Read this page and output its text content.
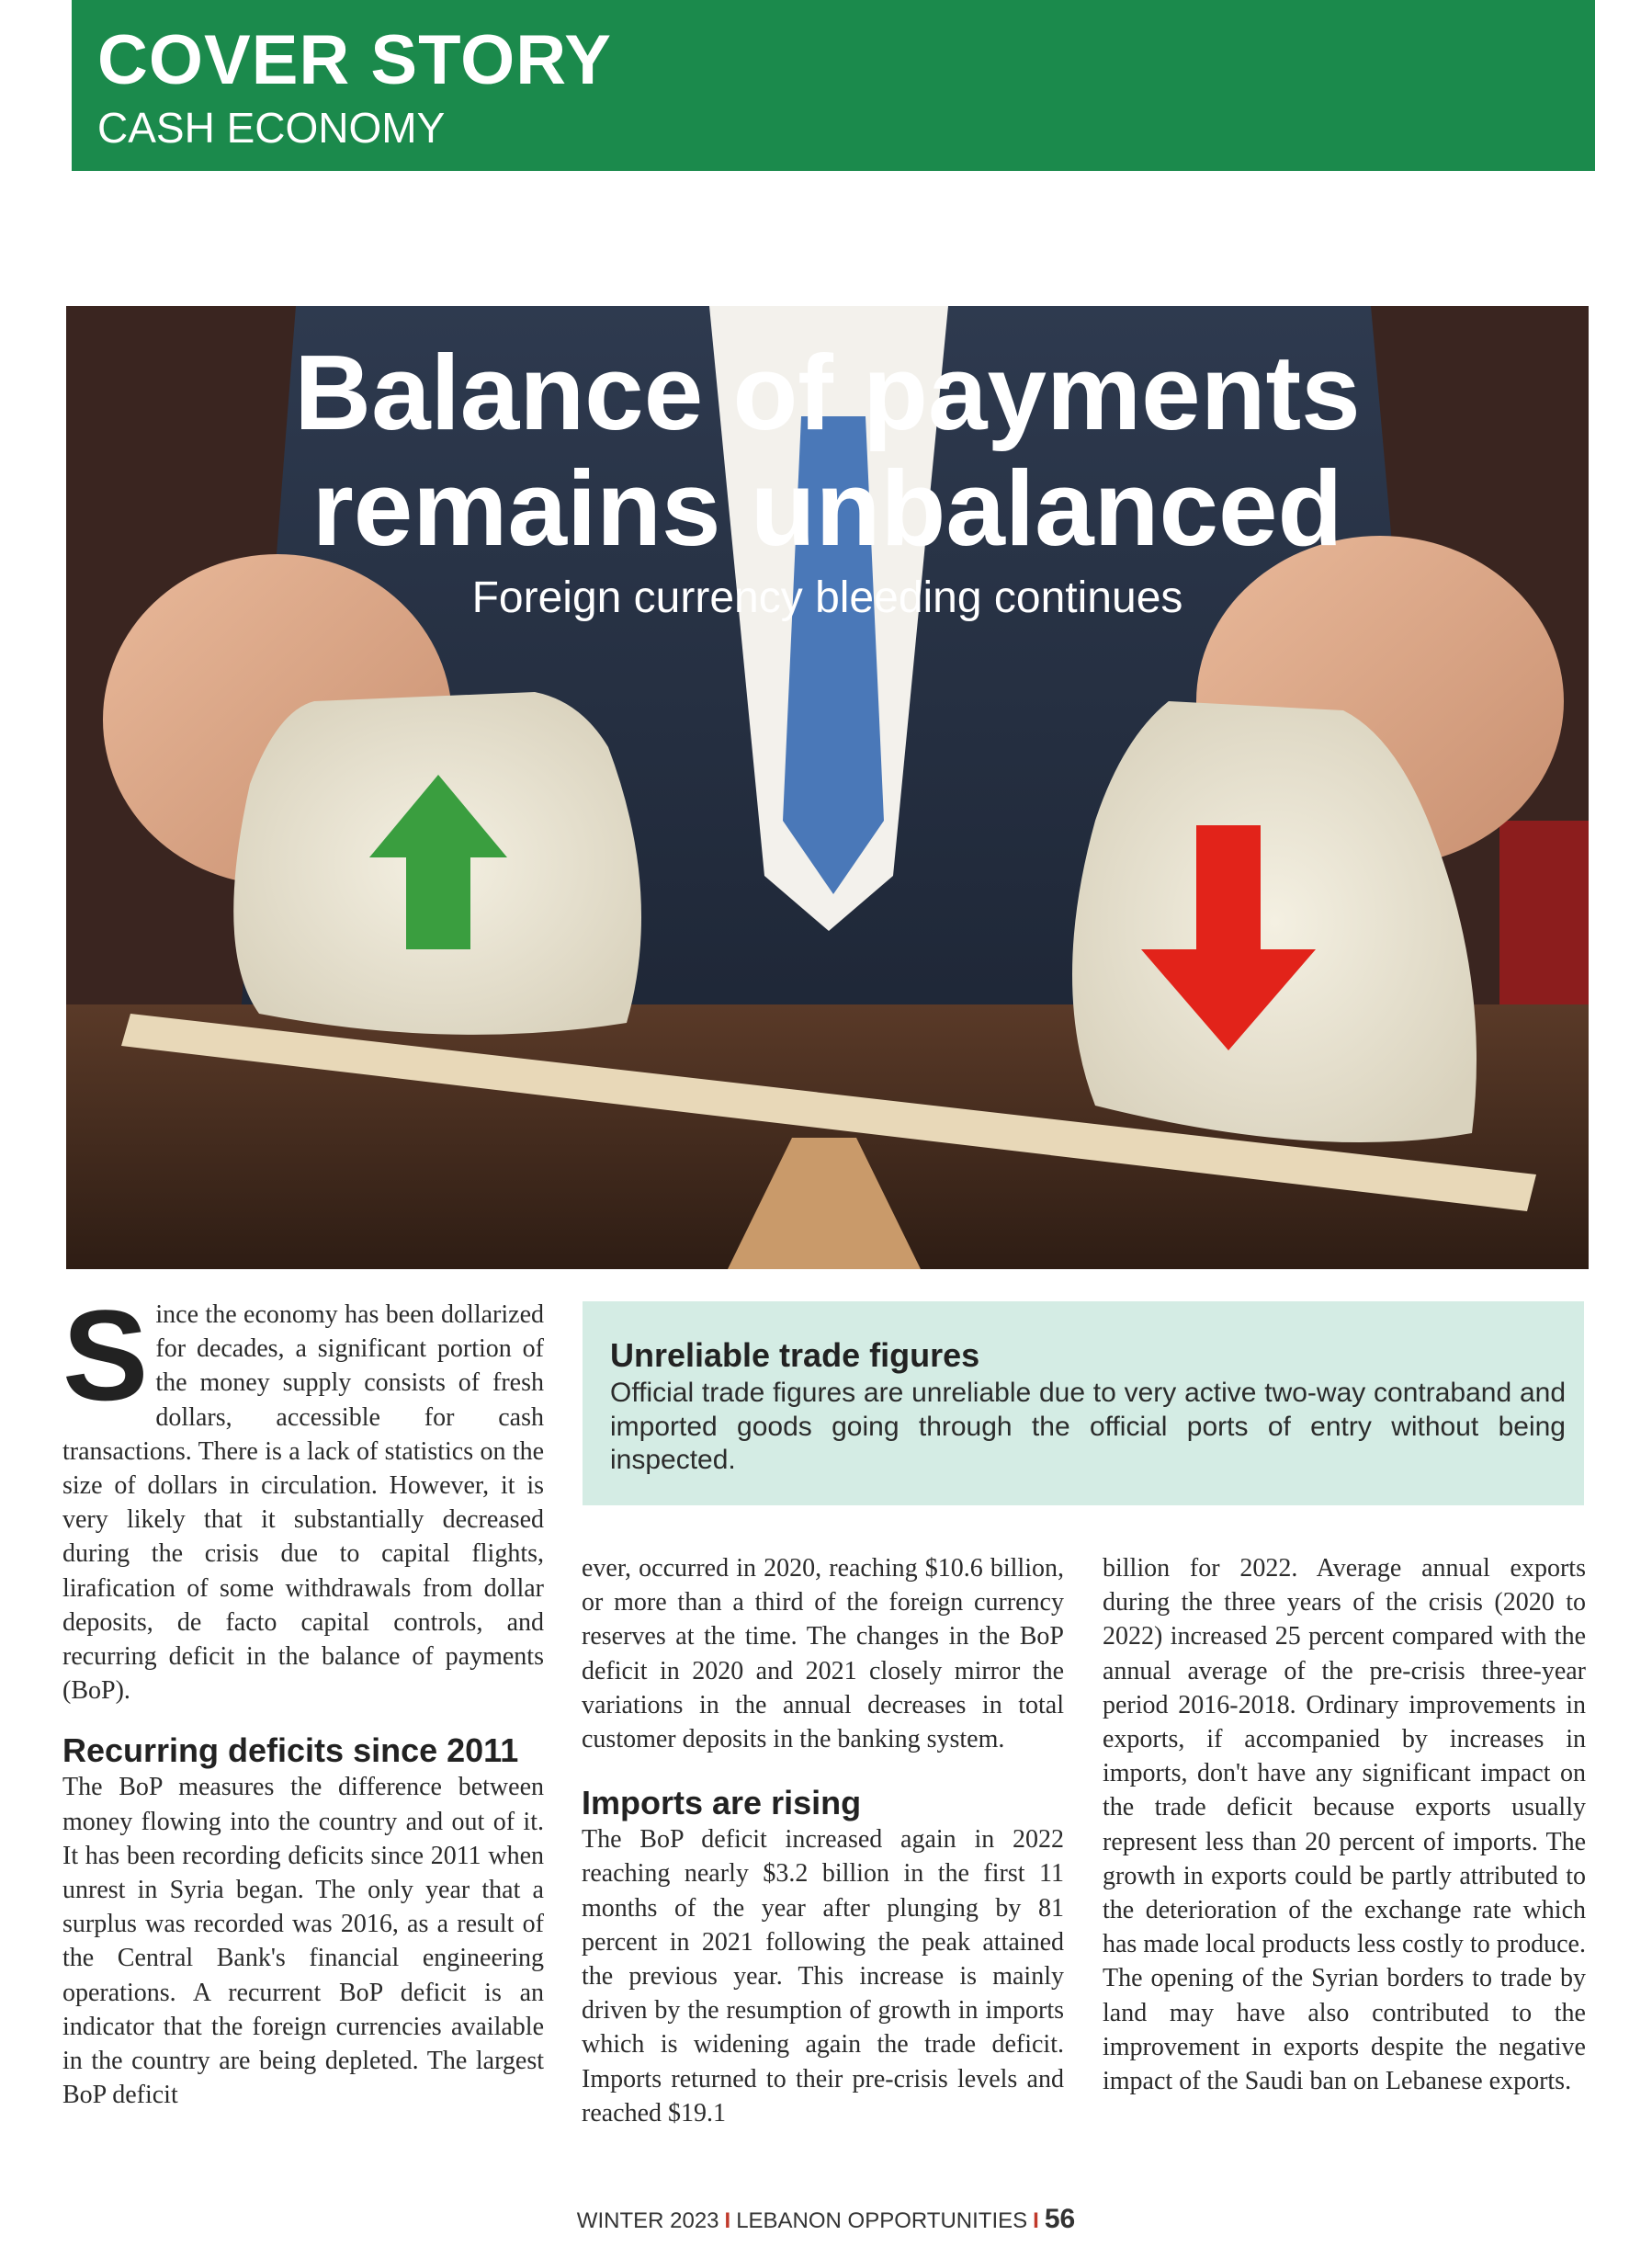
COVER STORY
CASH ECONOMY
Balance of payments
remains unbalanced
Foreign currency bleeding continues

Since the economy has been dollarized for decades, a significant portion of the money supply consists of fresh dollars, accessible for cash transactions. There is a lack of statistics on the size of dollars in circulation. However, it is very likely that it substantially decreased during the crisis due to capital flights, lirafication of some withdrawals from dollar deposits, de facto capital controls, and recurring deficit in the balance of payments (BoP).

Recurring deficits since 2011

The BoP measures the difference between money flowing into the country and out of it. It has been recording deficits since 2011 when unrest in Syria began. The only year that a surplus was recorded was 2016, as a result of the Central Bank's financial engineering operations. A recurrent BoP deficit is an indicator that the foreign currencies available in the country are being depleted. The largest BoP deficit

Unreliable trade figures
Official trade figures are unreliable due to very active two-way contraband and imported goods going through the official ports of entry without being inspected.

ever, occurred in 2020, reaching $10.6 billion, or more than a third of the foreign currency reserves at the time. The changes in the BoP deficit in 2020 and 2021 closely mirror the variations in the annual decreases in total customer deposits in the banking system.

Imports are rising

The BoP deficit increased again in 2022 reaching nearly $3.2 billion in the first 11 months of the year after plunging by 81 percent in 2021 following the peak attained the previous year. This increase is mainly driven by the resumption of growth in imports which is widening again the trade deficit. Imports returned to their pre-crisis levels and reached $19.1

billion for 2022. Average annual exports during the three years of the crisis (2020 to 2022) increased 25 percent compared with the annual average of the pre-crisis three-year period 2016-2018. Ordinary improvements in exports, if accompanied by increases in imports, don't have any significant impact on the trade deficit because exports usually represent less than 20 percent of imports. The growth in exports could be partly attributed to the deterioration of the exchange rate which has made local products less costly to produce. The opening of the Syrian borders to trade by land may have also contributed to the improvement in exports despite the negative impact of the Saudi ban on Lebanese exports.

WINTER 2023 I LEBANON OPPORTUNITIES I 56
